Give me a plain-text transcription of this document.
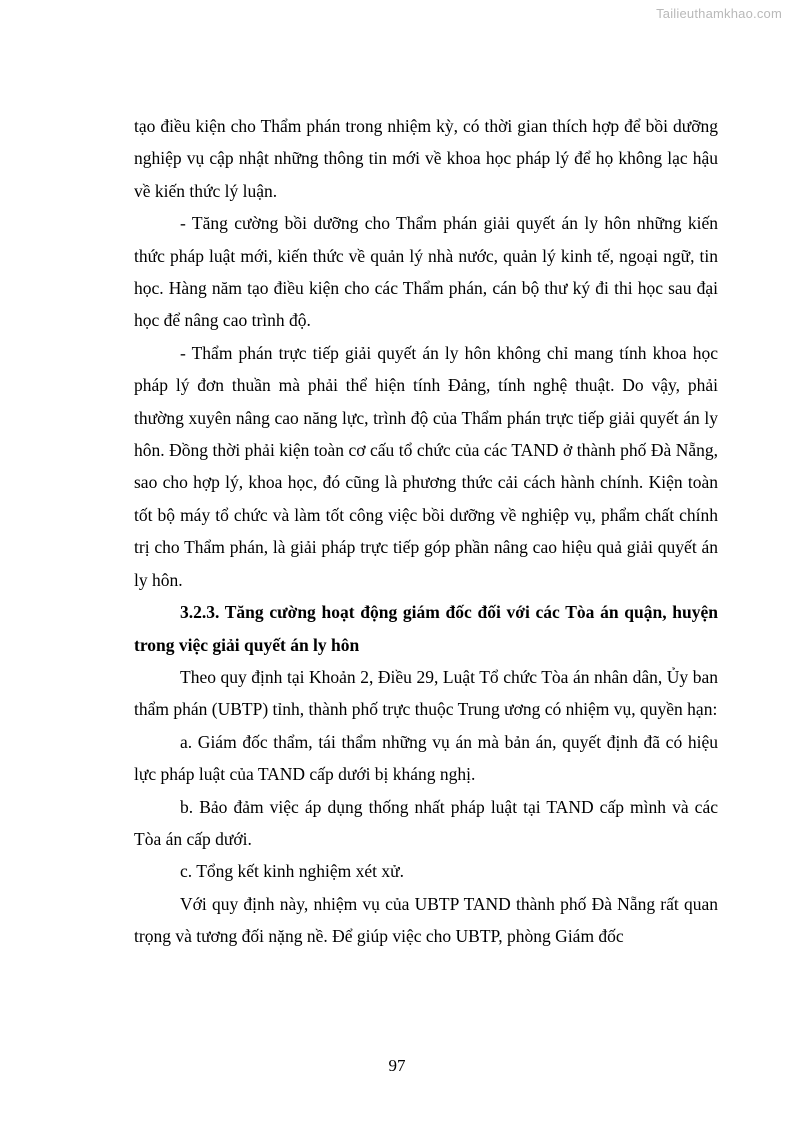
Tailieuthamkhao.com

tạo điều kiện cho Thẩm phán trong nhiệm kỳ, có thời gian thích hợp để bồi dưỡng nghiệp vụ cập nhật những thông tin mới về khoa học pháp lý để họ không lạc hậu về kiến thức lý luận.

- Tăng cường bồi dưỡng cho Thẩm phán giải quyết án ly hôn những kiến thức pháp luật mới, kiến thức về quản lý nhà nước, quản lý kinh tế, ngoại ngữ, tin học. Hàng năm tạo điều kiện cho các Thẩm phán, cán bộ thư ký đi thi học sau đại học để nâng cao trình độ.

- Thẩm phán trực tiếp giải quyết án ly hôn không chỉ mang tính khoa học pháp lý đơn thuần mà phải thể hiện tính Đảng, tính nghệ thuật. Do vậy, phải thường xuyên nâng cao năng lực, trình độ của Thẩm phán trực tiếp giải quyết án ly hôn. Đồng thời phải kiện toàn cơ cấu tổ chức của các TAND ở thành phố Đà Nẵng, sao cho hợp lý, khoa học, đó cũng là phương thức cải cách hành chính. Kiện toàn tốt bộ máy tổ chức và làm tốt công việc bồi dưỡng về nghiệp vụ, phẩm chất chính trị cho Thẩm phán, là giải pháp trực tiếp góp phần nâng cao hiệu quả giải quyết án ly hôn.

3.2.3. Tăng cường hoạt động giám đốc đối với các Tòa án quận, huyện trong việc giải quyết án ly hôn

Theo quy định tại Khoản 2, Điều 29, Luật Tổ chức Tòa án nhân dân, Ủy ban thẩm phán (UBTP) tỉnh, thành phố trực thuộc Trung ương có nhiệm vụ, quyền hạn:

a. Giám đốc thẩm, tái thẩm những vụ án mà bản án, quyết định đã có hiệu lực pháp luật của TAND cấp dưới bị kháng nghị.

b. Bảo đảm việc áp dụng thống nhất pháp luật tại TAND cấp mình và các Tòa án cấp dưới.

c. Tổng kết kinh nghiệm xét xử.

Với quy định này, nhiệm vụ của UBTP TAND thành phố Đà Nẵng rất quan trọng và tương đối nặng nề. Để giúp việc cho UBTP, phòng Giám đốc

97
